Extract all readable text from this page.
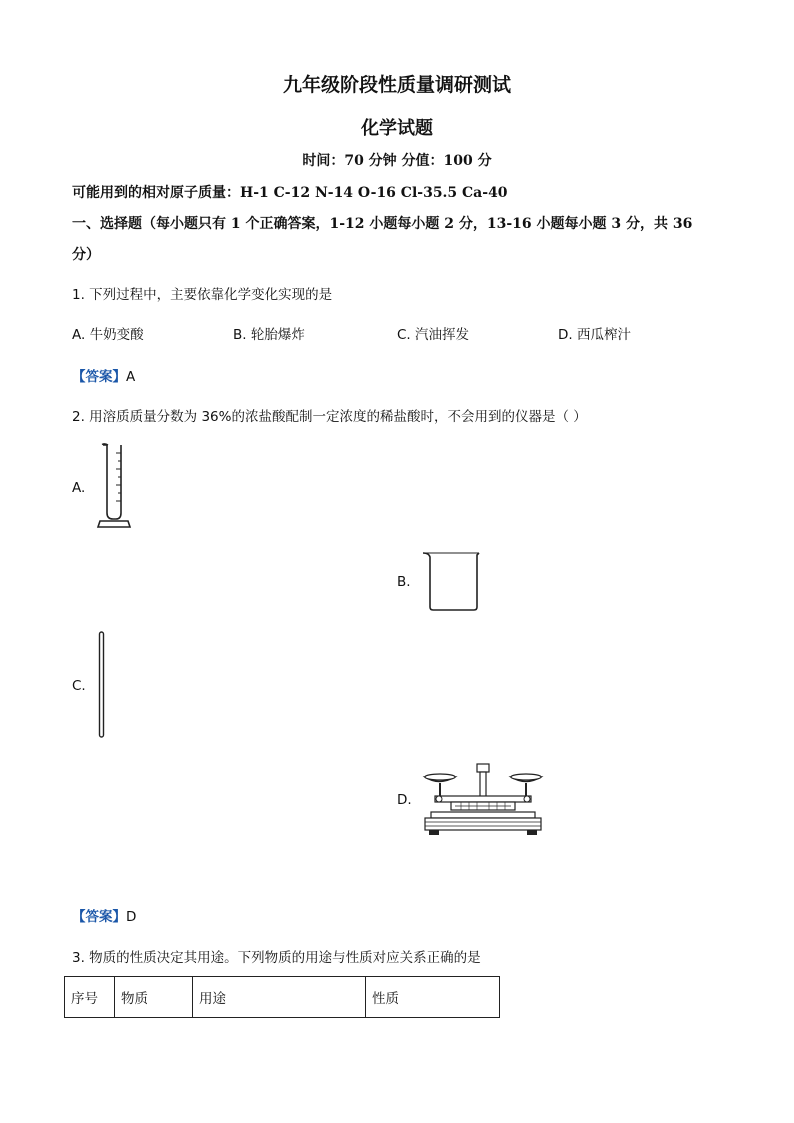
九年级阶段性质量调研测试
化学试题
时间：70 分钟 分值：100 分
可能用到的相对原子质量：H-1 C-12 N-14 O-16 Cl-35.5 Ca-40
一、选择题（每小题只有 1 个正确答案，1-12 小题每小题 2 分，13-16 小题每小题 3 分，共 36
分）
1. 下列过程中，主要依靠化学变化实现的是
A. 牛奶变酸	B. 轮胎爆炸	C. 汽油挥发	D. 西瓜榨汁
【答案】A
2. 用溶质质量分数为 36%的浓盐酸配制一定浓度的稀盐酸时，不会用到的仪器是（ ）
A.
B.
C.
D.
【答案】D
3. 物质的性质决定其用途。下列物质的用途与性质对应关系正确的是
序号	物质	用途	性质
